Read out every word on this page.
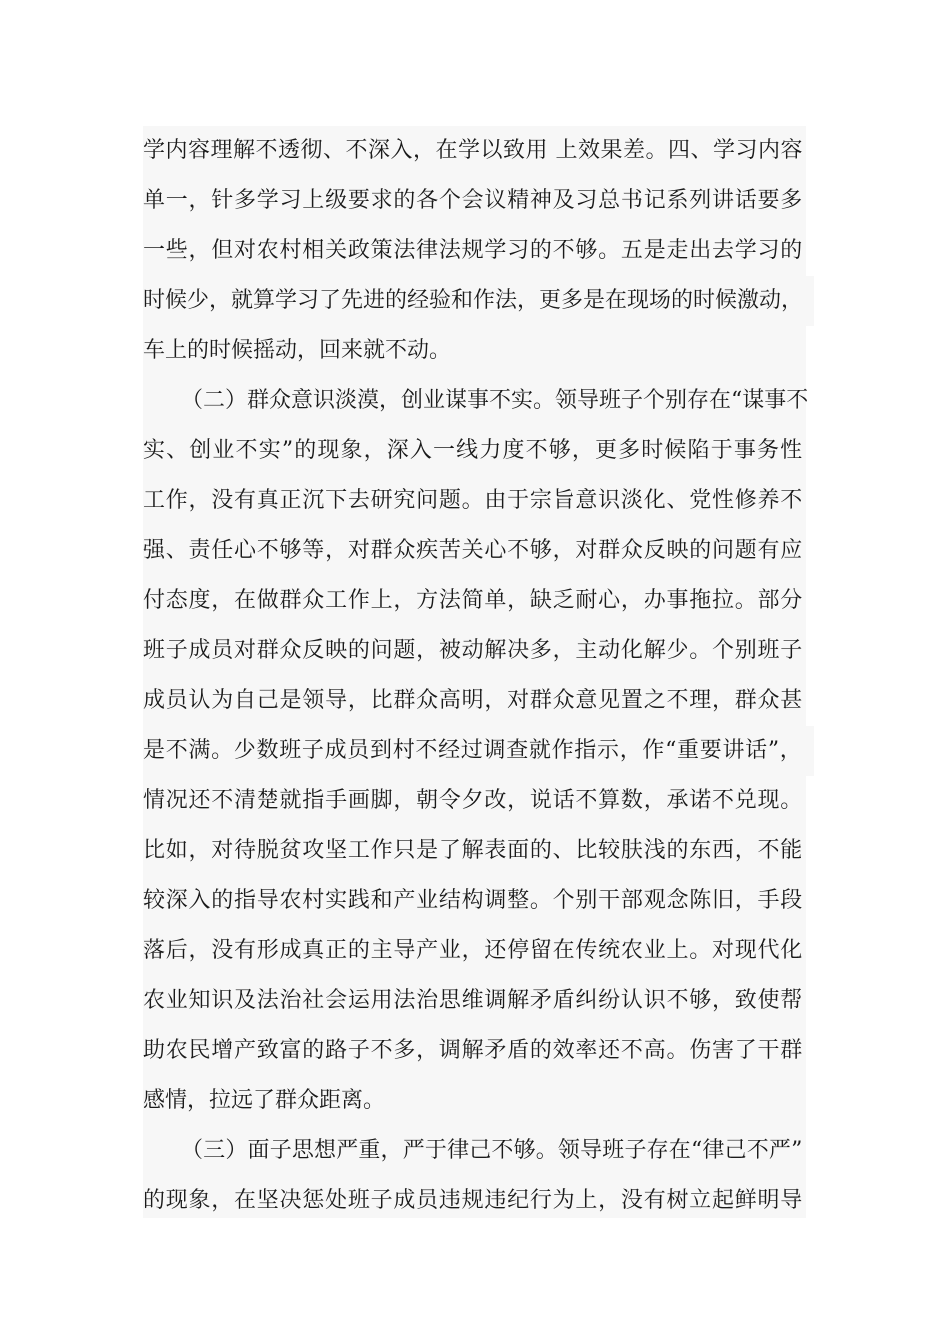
学内容理解不透彻、不深入，在学以致用 上效果差。四、学习内容
单一，针多学习上级要求的各个会议精神及习总书记系列讲话要多
一些，但对农村相关政策法律法规学习的不够。五是走出去学习的
时候少，就算学习了先进的经验和作法，更多是在现场的时候激动，
车上的时候摇动，回来就不动。
（二）群众意识淡漠，创业谋事不实。领导班子个别存在“谋事不
实、创业不实”的现象，深入一线力度不够，更多时候陷于事务性
工作，没有真正沉下去研究问题。由于宗旨意识淡化、党性修养不
强、责任心不够等，对群众疾苦关心不够，对群众反映的问题有应
付态度，在做群众工作上，方法简单，缺乏耐心，办事拖拉。部分
班子成员对群众反映的问题，被动解决多，主动化解少。个别班子
成员认为自己是领导，比群众高明，对群众意见置之不理，群众甚
是不满。少数班子成员到村不经过调查就作指示，作“重要讲话”，
情况还不清楚就指手画脚，朝令夕改，说话不算数，承诺不兑现。
比如，对待脱贫攻坚工作只是了解表面的、比较肤浅的东西，不能
较深入的指导农村实践和产业结构调整。个别干部观念陈旧，手段
落后，没有形成真正的主导产业，还停留在传统农业上。对现代化
农业知识及法治社会运用法治思维调解矛盾纠纷认识不够，致使帮
助农民增产致富的路子不多，调解矛盾的效率还不高。伤害了干群
感情，拉远了群众距离。
（三）面子思想严重，严于律己不够。领导班子存在“律己不严”
的现象，在坚决惩处班子成员违规违纪行为上，没有树立起鲜明导
